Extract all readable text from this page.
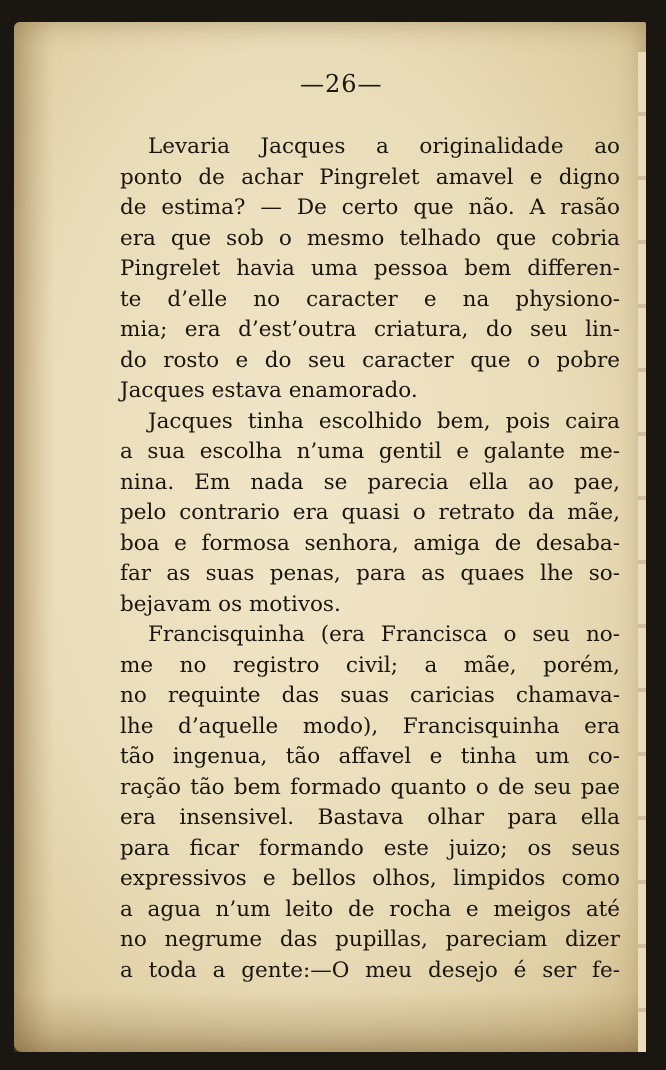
—26—
Levaria Jacques a originalidade ao
ponto de achar Pingrelet amavel e digno
de estima? — De certo que não. A rasão
era que sob o mesmo telhado que cobria
Pingrelet havia uma pessoa bem differen-
te d’elle no caracter e na physiono-
mia; era d’est’outra criatura, do seu lin-
do rosto e do seu caracter que o pobre
Jacques estava enamorado.
Jacques tinha escolhido bem, pois caira
a sua escolha n’uma gentil e galante me-
nina. Em nada se parecia ella ao pae,
pelo contrario era quasi o retrato da mãe,
boa e formosa senhora, amiga de desaba-
far as suas penas, para as quaes lhe so-
bejavam os motivos.
Francisquinha (era Francisca o seu no-
me no registro civil; a mãe, porém,
no requinte das suas caricias chamava-
lhe d’aquelle modo), Francisquinha era
tão ingenua, tão affavel e tinha um co-
ração tão bem formado quanto o de seu pae
era insensivel. Bastava olhar para ella
para ficar formando este juizo; os seus
expressivos e bellos olhos, limpidos como
a agua n’um leito de rocha e meigos até
no negrume das pupillas, pareciam dizer
a toda a gente:—O meu desejo é ser fe-
